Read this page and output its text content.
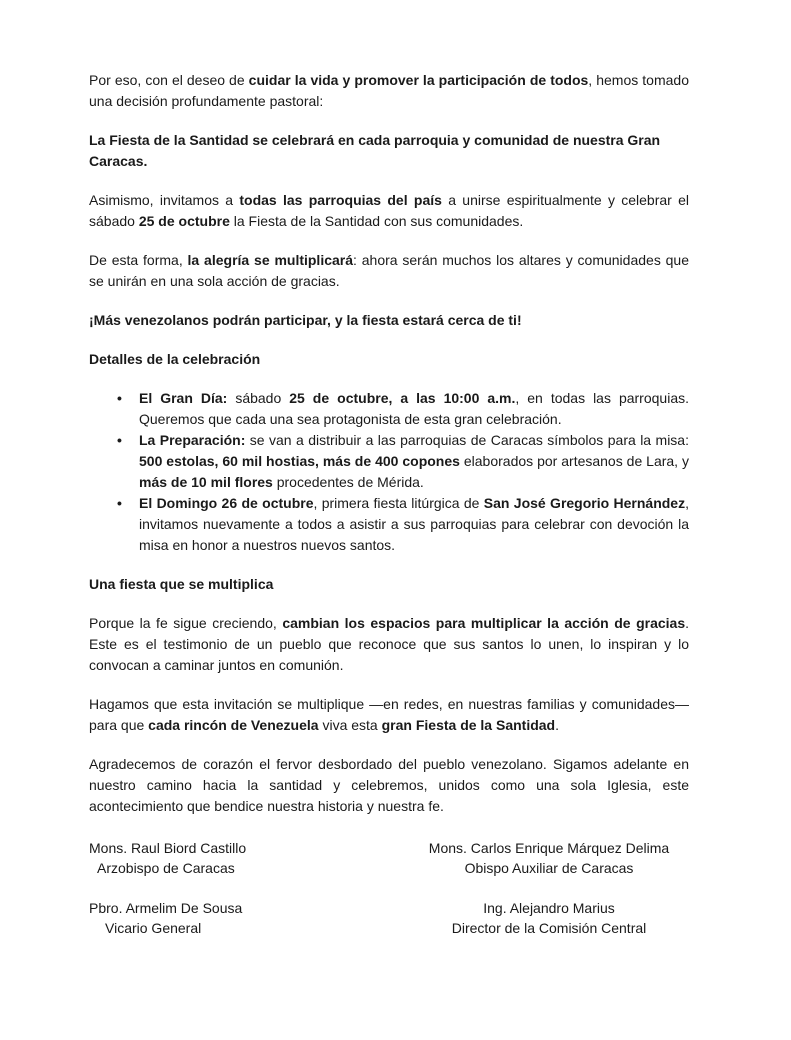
Por eso, con el deseo de cuidar la vida y promover la participación de todos, hemos tomado una decisión profundamente pastoral:

La Fiesta de la Santidad se celebrará en cada parroquia y comunidad de nuestra Gran Caracas.

Asimismo, invitamos a todas las parroquias del país a unirse espiritualmente y celebrar el sábado 25 de octubre la Fiesta de la Santidad con sus comunidades.

De esta forma, la alegría se multiplicará: ahora serán muchos los altares y comunidades que se unirán en una sola acción de gracias.

¡Más venezolanos podrán participar, y la fiesta estará cerca de ti!

Detalles de la celebración

• El Gran Día: sábado 25 de octubre, a las 10:00 a.m., en todas las parroquias. Queremos que cada una sea protagonista de esta gran celebración.
• La Preparación: se van a distribuir a las parroquias de Caracas símbolos para la misa: 500 estolas, 60 mil hostias, más de 400 copones elaborados por artesanos de Lara, y más de 10 mil flores procedentes de Mérida.
• El Domingo 26 de octubre, primera fiesta litúrgica de San José Gregorio Hernández, invitamos nuevamente a todos a asistir a sus parroquias para celebrar con devoción la misa en honor a nuestros nuevos santos.

Una fiesta que se multiplica

Porque la fe sigue creciendo, cambian los espacios para multiplicar la acción de gracias. Este es el testimonio de un pueblo que reconoce que sus santos lo unen, lo inspiran y lo convocan a caminar juntos en comunión.

Hagamos que esta invitación se multiplique —en redes, en nuestras familias y comunidades— para que cada rincón de Venezuela viva esta gran Fiesta de la Santidad.

Agradecemos de corazón el fervor desbordado del pueblo venezolano. Sigamos adelante en nuestro camino hacia la santidad y celebremos, unidos como una sola Iglesia, este acontecimiento que bendice nuestra historia y nuestra fe.

Mons. Raul Biord Castillo
Arzobispo de Caracas
Mons. Carlos Enrique Márquez Delima
Obispo Auxiliar de Caracas
Pbro. Armelim De Sousa
Vicario General
Ing. Alejandro Marius
Director de la Comisión Central
